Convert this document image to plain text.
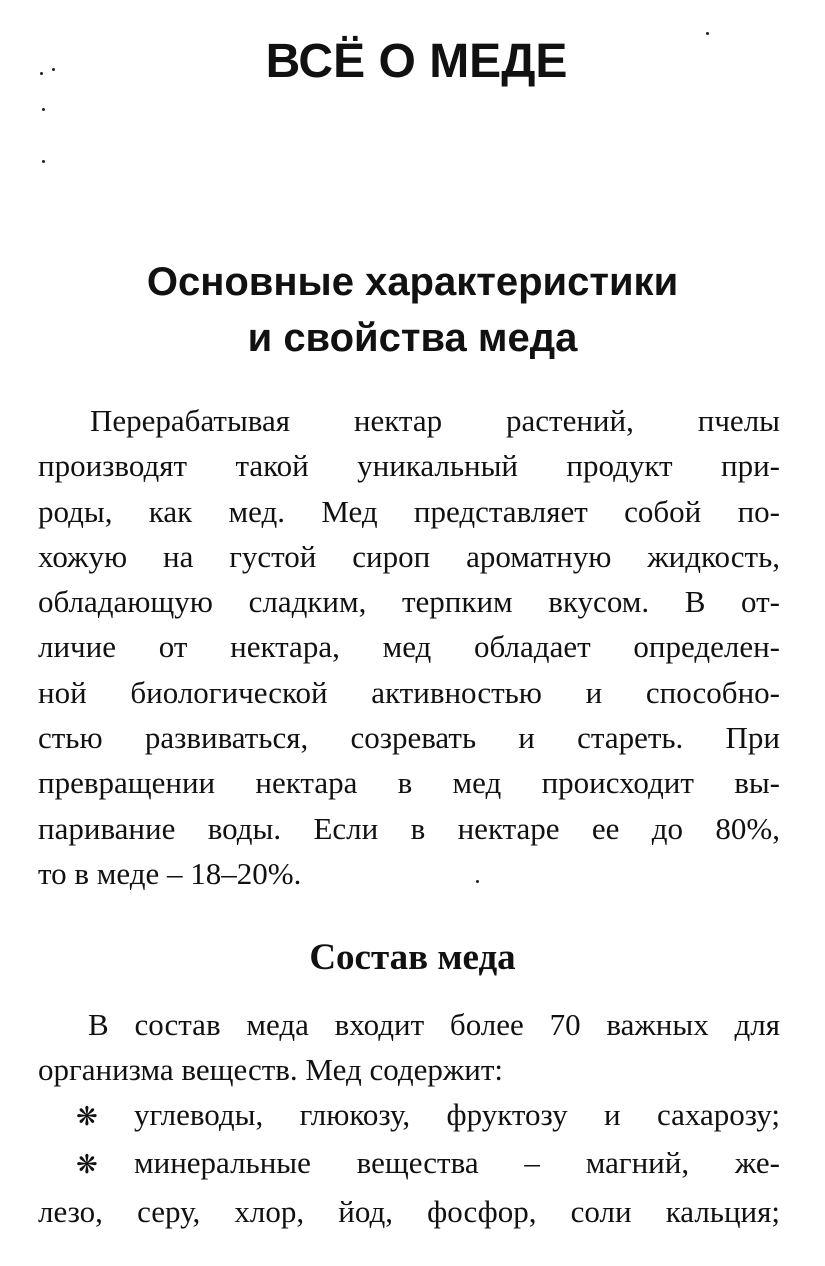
ВСЁ О МЕДЕ
Основные характеристики
и свойства меда
Перерабатывая нектар растений, пчелы
производят такой уникальный продукт при-
роды, как мед. Мед представляет собой по-
хожую на густой сироп ароматную жидкость,
обладающую сладким, терпким вкусом. В от-
личие от нектара, мед обладает определен-
ной биологической активностью и способно-
стью развиваться, созревать и стареть. При
превращении нектара в мед происходит вы-
паривание воды. Если в нектаре ее до 80%,
то в меде – 18–20%.
Состав меда
В состав меда входит более 70 важных для
организма веществ. Мед содержит:
❋ углеводы, глюкозу, фруктозу и сахарозу;
❋ минеральные вещества – магний, же-
лезо, серу, хлор, йод, фосфор, соли кальция;
